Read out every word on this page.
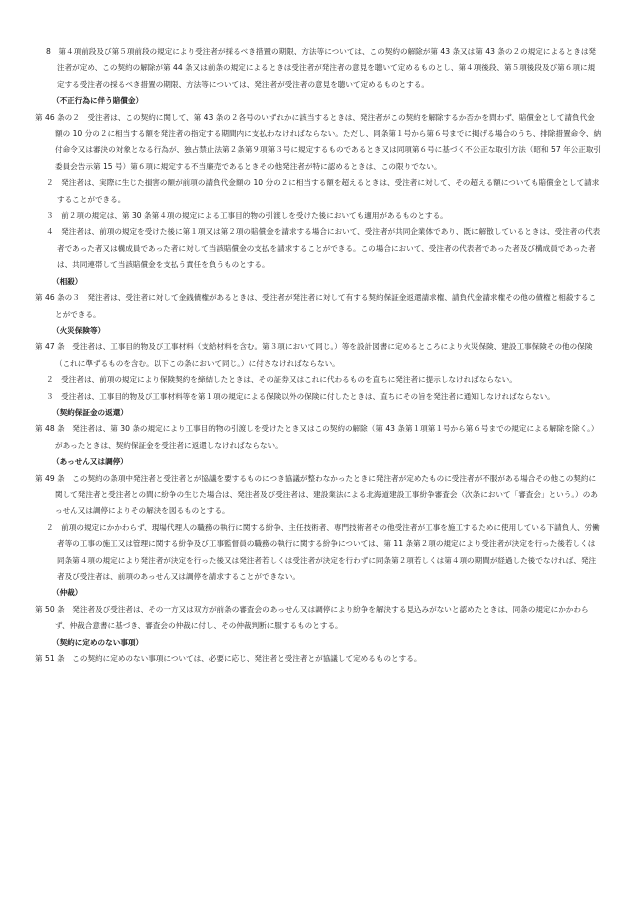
8　第４項前段及び第５項前段の規定により受注者が採るべき措置の期限、方法等については、この契約の解除が第 43 条又は第 43 条の２の規定によるときは発注者が定め、この契約の解除が第 44 条又は前条の規定によるときは受注者が発注者の意見を聴いて定めるものとし、第４項後段、第５項後段及び第６項に規定する受注者の採るべき措置の期限、方法等については、発注者が受注者の意見を聴いて定めるものとする。

（不正行為に伴う賠償金）

第 46 条の２　受注者は、この契約に関して、第 43 条の２各号のいずれかに該当するときは、発注者がこの契約を解除するか否かを問わず、賠償金として請負代金額の 10 分の２に相当する額を発注者の指定する期間内に支払わなければならない。ただし、同条第１号から第６号までに掲げる場合のうち、排除措置命令、納付命令又は審決の対象となる行為が、独占禁止法第２条第９項第３号に規定するものであるとき又は同項第６号に基づく不公正な取引方法（昭和 57 年公正取引委員会告示第 15 号）第６項に規定する不当廉売であるときその他発注者が特に認めるときは、この限りでない。

２　発注者は、実際に生じた損害の額が前項の請負代金額の 10 分の２に相当する額を超えるときは、受注者に対して、その超える額についても賠償金として請求することができる。

３　前２項の規定は、第 30 条第４項の規定による工事目的物の引渡しを受けた後においても適用があるものとする。

４　発注者は、前項の規定を受けた後に第１項又は第２項の賠償金を請求する場合において、受注者が共同企業体であり、既に解散しているときは、受注者の代表者であった者又は構成員であった者に対して当該賠償金の支払を請求することができる。この場合において、受注者の代表者であった者及び構成員であった者は、共同連帯して当該賠償金を支払う責任を負うものとする。

（相殺）

第 46 条の３　発注者は、受注者に対して金銭債権があるときは、受注者が発注者に対して有する契約保証金返還請求権、請負代金請求権その他の債権と相殺することができる。

（火災保険等）

第 47 条　受注者は、工事目的物及び工事材料（支給材料を含む。第３項において同じ。）等を設計図書に定めるところにより火災保険、建設工事保険その他の保険（これに準ずるものを含む。以下この条において同じ。）に付さなければならない。

２　受注者は、前項の規定により保険契約を締結したときは、その証券又はこれに代わるものを直ちに発注者に提示しなければならない。

３　受注者は、工事目的物及び工事材料等を第１項の規定による保険以外の保険に付したときは、直ちにその旨を発注者に通知しなければならない。

（契約保証金の返還）

第 48 条　発注者は、第 30 条の規定により工事目的物の引渡しを受けたとき又はこの契約の解除（第 43 条第１項第１号から第６号までの規定による解除を除く。）があったときは、契約保証金を受注者に返還しなければならない。

（あっせん又は調停）

第 49 条　この契約の条項中発注者と受注者とが協議を要するものにつき協議が整わなかったときに発注者が定めたものに受注者が不服がある場合その他この契約に関して発注者と受注者との間に紛争の生じた場合は、発注者及び受注者は、建設業法による北海道建設工事紛争審査会（次条において「審査会」という。）のあっせん又は調停によりその解決を図るものとする。

２　前項の規定にかかわらず、現場代理人の職務の執行に関する紛争、主任技術者、専門技術者その他受注者が工事を施工するために使用している下請負人、労働者等の工事の施工又は管理に関する紛争及び工事監督員の職務の執行に関する紛争については、第 11 条第２項の規定により受注者が決定を行った後若しくは同条第４項の規定により発注者が決定を行った後又は発注者若しくは受注者が決定を行わずに同条第２項若しくは第４項の期間が経過した後でなければ、発注者及び受注者は、前項のあっせん又は調停を請求することができない。

（仲裁）

第 50 条　発注者及び受注者は、その一方又は双方が前条の審査会のあっせん又は調停により紛争を解決する見込みがないと認めたときは、同条の規定にかかわらず、仲裁合意書に基づき、審査会の仲裁に付し、その仲裁判断に服するものとする。

（契約に定めのない事項）

第 51 条　この契約に定めのない事項については、必要に応じ、発注者と受注者とが協議して定めるものとする。
